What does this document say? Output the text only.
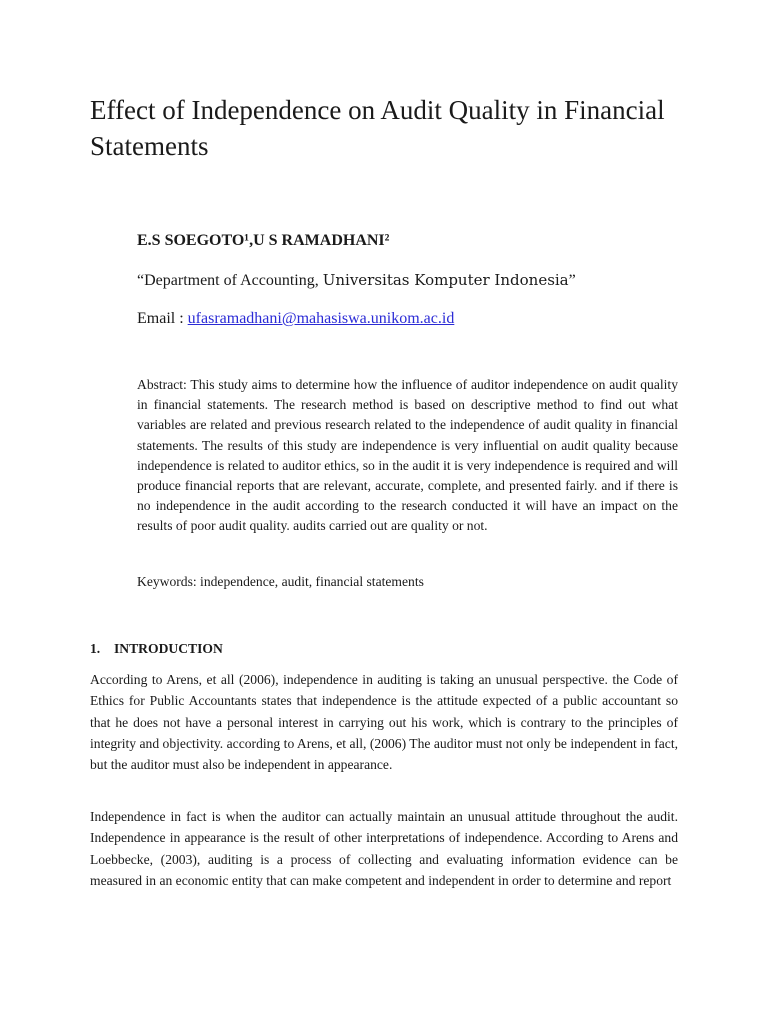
Effect of Independence on Audit Quality in Financial Statements

E.S SOEGOTO¹,U S RAMADHANI²

“Department of Accounting, Universitas Komputer Indonesia”

Email : ufasramadhani@mahasiswa.unikom.ac.id

Abstract: This study aims to determine how the influence of auditor independence on audit quality in financial statements. The research method is based on descriptive method to find out what variables are related and previous research related to the independence of audit quality in financial statements. The results of this study are independence is very influential on audit quality because independence is related to auditor ethics, so in the audit it is very independence is required and will produce financial reports that are relevant, accurate, complete, and presented fairly. and if there is no independence in the audit according to the research conducted it will have an impact on the results of poor audit quality. audits carried out are quality or not.

Keywords: independence, audit, financial statements

1. INTRODUCTION

According to Arens, et all (2006), independence in auditing is taking an unusual perspective. the Code of Ethics for Public Accountants states that independence is the attitude expected of a public accountant so that he does not have a personal interest in carrying out his work, which is contrary to the principles of integrity and objectivity. according to Arens, et all, (2006) The auditor must not only be independent in fact, but the auditor must also be independent in appearance.

Independence in fact is when the auditor can actually maintain an unusual attitude throughout the audit. Independence in appearance is the result of other interpretations of independence. According to Arens and Loebbecke, (2003), auditing is a process of collecting and evaluating information evidence can be measured in an economic entity that can make competent and independent in order to determine and report
